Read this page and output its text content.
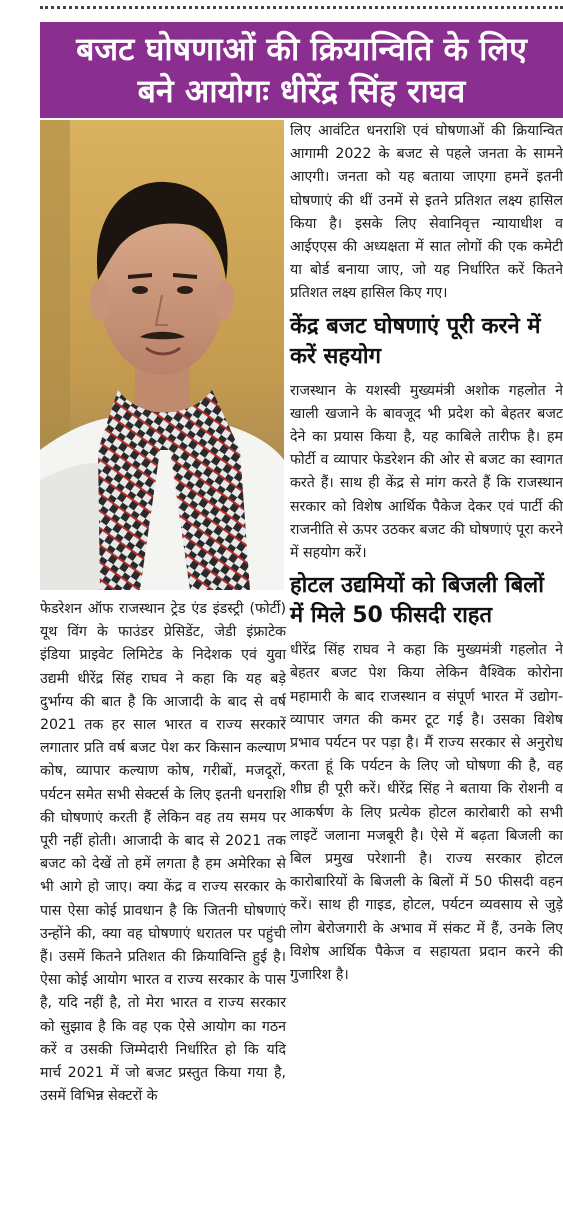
बजट घोषणाओं की क्रियान्विति के लिए
बने आयोगः धीरेंद्र सिंह राघव

फेडरेशन ऑफ राजस्थान ट्रेड एंड इंडस्ट्री (फोर्टी) यूथ विंग के फाउंडर प्रेसिडेंट, जेडी इंफ्राटेक इंडिया प्राइवेट लिमिटेड के निदेशक एवं युवा उद्यमी धीरेंद्र सिंह राघव ने कहा कि यह बड़े दुर्भाग्य की बात है कि आजादी के बाद से वर्ष 2021 तक हर साल भारत व राज्य सरकारें लगातार प्रति वर्ष बजट पेश कर किसान कल्याण कोष, व्यापार कल्याण कोष, गरीबों, मजदूरों, पर्यटन समेत सभी सेक्टर्स के लिए इतनी धनराशि की घोषणाएं करती हैं लेकिन वह तय समय पर पूरी नहीं होती। आजादी के बाद से 2021 तक बजट को देखें तो हमें लगता है हम अमेरिका से भी आगे हो जाए। क्या केंद्र व राज्य सरकार के पास ऐसा कोई प्रावधान है कि जितनी घोषणाएं उन्होंने की, क्या वह घोषणाएं धरातल पर पहुंची हैं। उसमें कितने प्रतिशत की क्रियाविन्ति हुई है। ऐसा कोई आयोग भारत व राज्य सरकार के पास है, यदि नहीं है, तो मेरा भारत व राज्य सरकार को सुझाव है कि वह एक ऐसे आयोग का गठन करें व उसकी जिम्मेदारी निर्धारित हो कि यदि मार्च 2021 में जो बजट प्रस्तुत किया गया है, उसमें विभिन्न सेक्टरों के

लिए आवंटित धनराशि एवं घोषणाओं की क्रियान्वित आगामी 2022 के बजट से पहले जनता के सामने आएगी। जनता को यह बताया जाएगा हमनें इतनी घोषणाएं की थीं उनमें से इतने प्रतिशत लक्ष्य हासिल किया है। इसके लिए सेवानिवृत्त न्यायाधीश व आईएएस की अध्यक्षता में सात लोगों की एक कमेटी या बोर्ड बनाया जाए, जो यह निर्धारित करें कितने प्रतिशत लक्ष्य हासिल किए गए।

केंद्र बजट घोषणाएं पूरी करने में करें सहयोग

राजस्थान के यशस्वी मुख्यमंत्री अशोक गहलोत ने खाली खजाने के बावजूद भी प्रदेश को बेहतर बजट देने का प्रयास किया है, यह काबिले तारीफ है। हम फोर्टी व व्यापार फेडरेशन की ओर से बजट का स्वागत करते हैं। साथ ही केंद्र से मांग करते हैं कि राजस्थान सरकार को विशेष आर्थिक पैकेज देकर एवं पार्टी की राजनीति से ऊपर उठकर बजट की घोषणाएं पूरा करने में सहयोग करें।

होटल उद्यमियों को बिजली बिलों में मिले 50 फीसदी राहत

धीरेंद्र सिंह राघव ने कहा कि मुख्यमंत्री गहलोत ने बेहतर बजट पेश किया लेकिन वैश्विक कोरोना महामारी के बाद राजस्थान व संपूर्ण भारत में उद्योग-व्यापार जगत की कमर टूट गई है। उसका विशेष प्रभाव पर्यटन पर पड़ा है। मैं राज्य सरकार से अनुरोध करता हूं कि पर्यटन के लिए जो घोषणा की है, वह शीघ्र ही पूरी करें। धीरेंद्र सिंह ने बताया कि रोशनी व आकर्षण के लिए प्रत्येक होटल कारोबारी को सभी लाइटें जलाना मजबूरी है। ऐसे में बढ़ता बिजली का बिल प्रमुख परेशानी है। राज्य सरकार होटल कारोबारियों के बिजली के बिलों में 50 फीसदी वहन करें। साथ ही गाइड, होटल, पर्यटन व्यवसाय से जुड़े लोग बेरोजगारी के अभाव में संकट में हैं, उनके लिए विशेष आर्थिक पैकेज व सहायता प्रदान करने की गुजारिश है।
